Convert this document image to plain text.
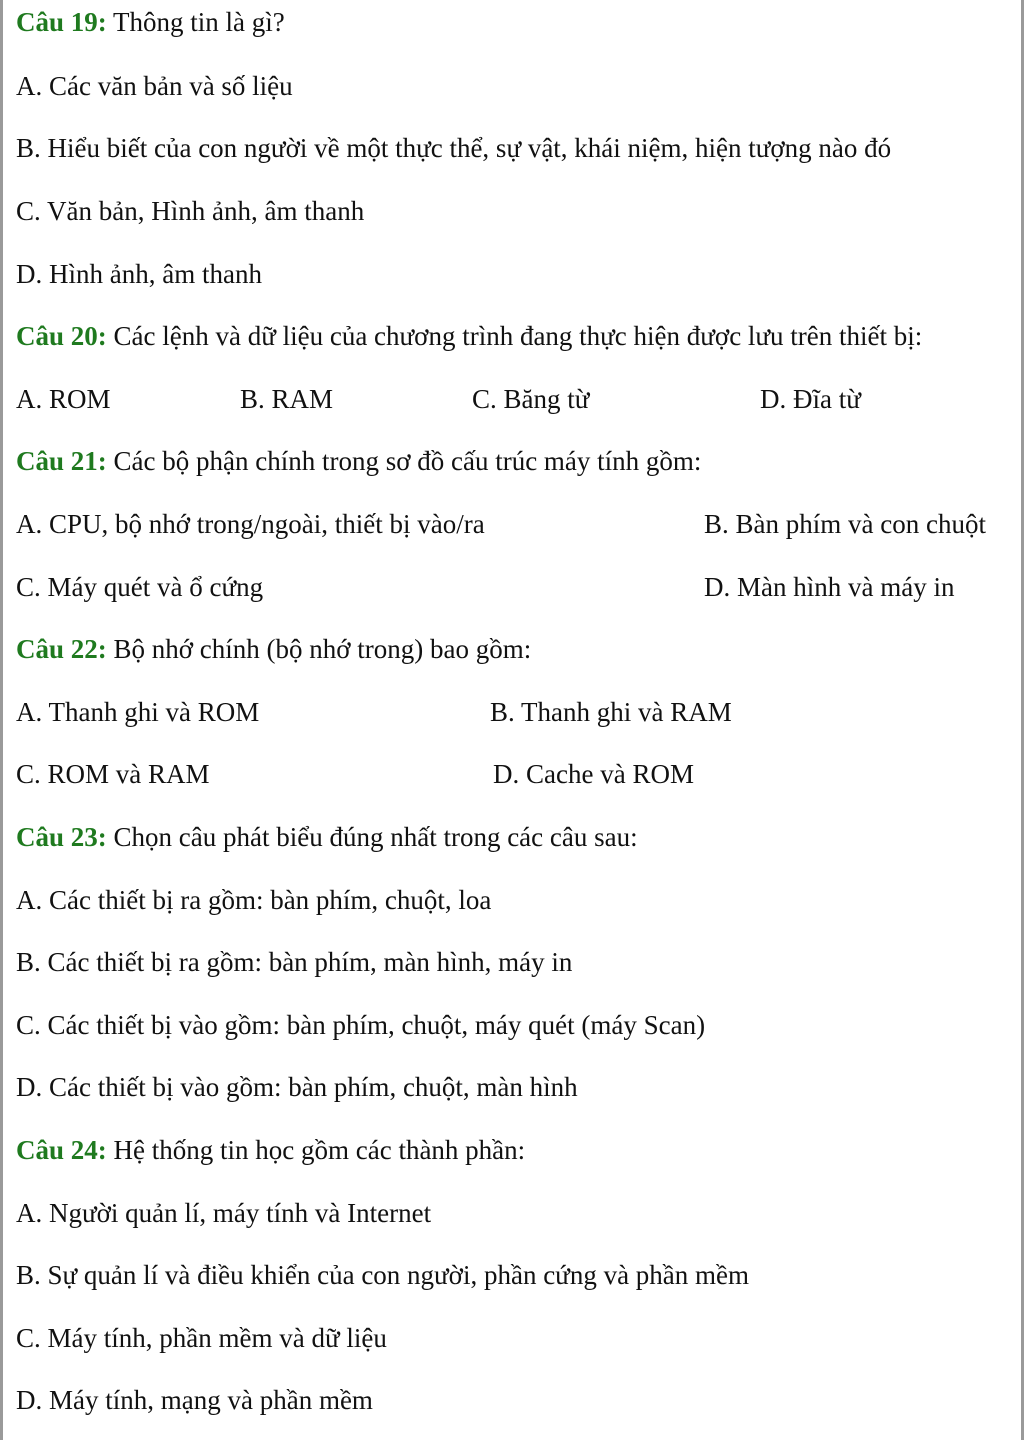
Câu 19: Thông tin là gì?
A. Các văn bản và số liệu
B. Hiểu biết của con người về một thực thể, sự vật, khái niệm, hiện tượng nào đó
C. Văn bản, Hình ảnh, âm thanh
D. Hình ảnh, âm thanh
Câu 20: Các lệnh và dữ liệu của chương trình đang thực hiện được lưu trên thiết bị:
A. ROM	B. RAM	C. Băng từ	D. Đĩa từ
Câu 21: Các bộ phận chính trong sơ đồ cấu trúc máy tính gồm:
A. CPU, bộ nhớ trong/ngoài, thiết bị vào/ra	B. Bàn phím và con chuột
C. Máy quét và ổ cứng	D. Màn hình và máy in
Câu 22: Bộ nhớ chính (bộ nhớ trong) bao gồm:
A. Thanh ghi và ROM	B. Thanh ghi và RAM
C. ROM và RAM	D. Cache và ROM
Câu 23: Chọn câu phát biểu đúng nhất trong các câu sau:
A. Các thiết bị ra gồm: bàn phím, chuột, loa
B. Các thiết bị ra gồm: bàn phím, màn hình, máy in
C. Các thiết bị vào gồm: bàn phím, chuột, máy quét (máy Scan)
D. Các thiết bị vào gồm: bàn phím, chuột, màn hình
Câu 24: Hệ thống tin học gồm các thành phần:
A. Người quản lí, máy tính và Internet
B. Sự quản lí và điều khiển của con người, phần cứng và phần mềm
C. Máy tính, phần mềm và dữ liệu
D. Máy tính, mạng và phần mềm
